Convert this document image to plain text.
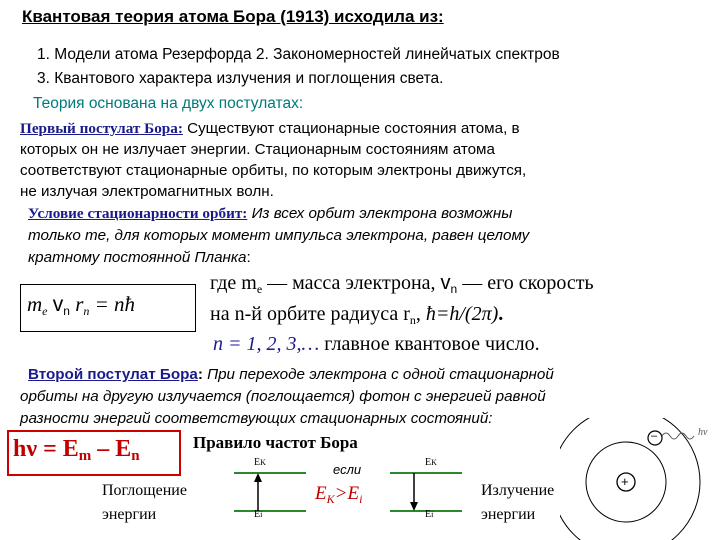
Квантовая теория атома Бора (1913) исходила из:
1. Модели атома Резерфорда 2. Закономерностей линейчатых спектров
3. Квантового характера излучения и поглощения света.
Теория основана на двух постулатах:
Первый постулат Бора: Существуют стационарные состояния атома, в
которых он не излучает энергии. Стационарным состояниям атома
соответствуют стационарные орбиты, по которым электроны движутся,
не излучая электромагнитных волн.
Условие стационарности орбит: Из всех орбит электрона возможны
только те, для которых момент импульса электрона, равен целому
кратному постоянной Планка:
$m_e$ $v_n$ $r_n$ = nħ
где $m_e$ — масса электрона, $v_n$ — его скорость
на n-й орбите радиуса $r_n$, ħ=h/(2π).
n = 1, 2, 3,… главное квантовое число.
Второй постулат Бора: При переходе электрона с одной стационарной
орбиты на другую излучается (поглощается) фотон с энергией равной
разности энергий соответствующих стационарных состояний:
$h\nu = E_m - E_n$
Правило частот Бора
EK
Ei
EK
Ei
если
$E_K>E_i$
Поглощение
энергии
Излучение
энергии
–
+
hν
